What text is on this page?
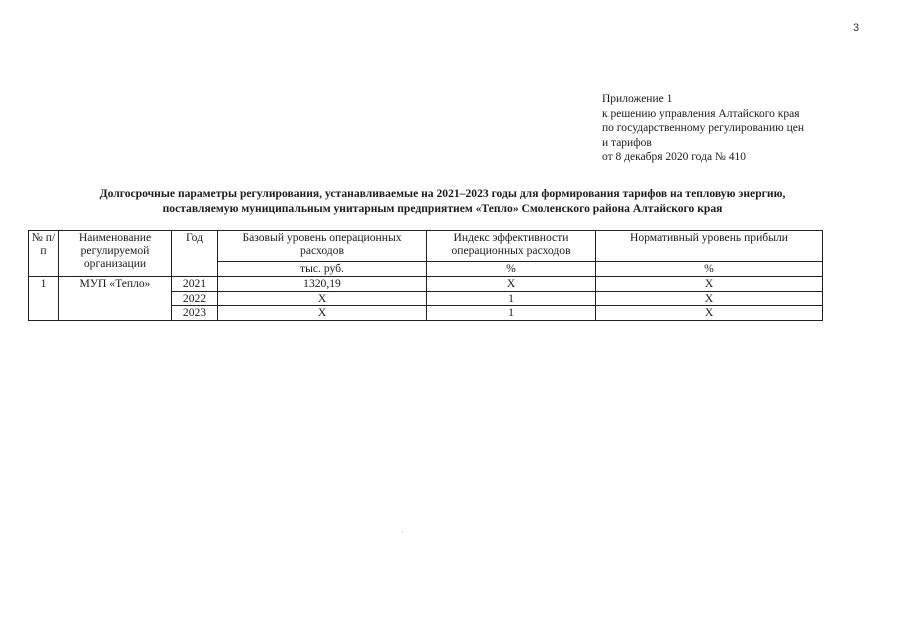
3
Приложение 1
к решению управления Алтайского края
по государственному регулированию цен
и тарифов
от 8 декабря 2020 года № 410
Долгосрочные параметры регулирования, устанавливаемые на 2021–2023 годы для формирования тарифов на тепловую энергию,
поставляемую муниципальным унитарным предприятием «Тепло» Смоленского района Алтайского края
№ п/п	Наименование регулируемой организации	Год	Базовый уровень операционных расходов	Индекс эффективности операционных расходов	Нормативный уровень прибыли
			тыс. руб.	%	%
1	МУП «Тепло»	2021	1320,19	Х	Х
		2022	Х	1	Х
		2023	Х	1	Х
